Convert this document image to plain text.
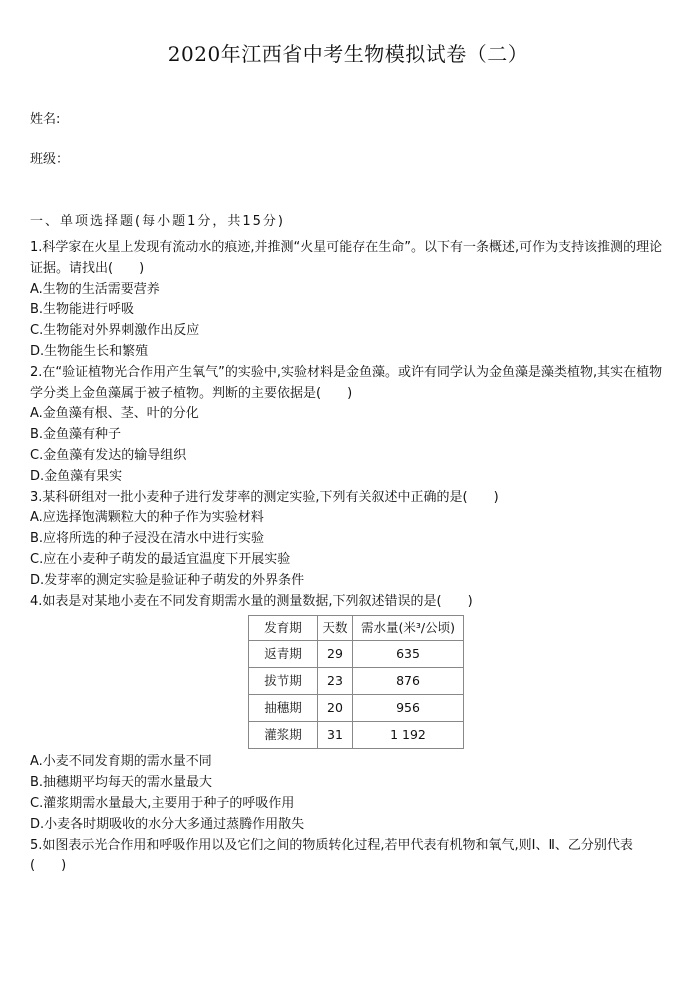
2020年江西省中考生物模拟试卷（二）
姓名:
班级：
一、单项选择题(每小题1分，共15分)
1.科学家在火星上发现有流动水的痕迹,并推测“火星可能存在生命”。以下有一条概述,可作为支持该推测的理论证据。请找出(　　)
A.生物的生活需要营养
B.生物能进行呼吸
C.生物能对外界刺激作出反应
D.生物能生长和繁殖
2.在“验证植物光合作用产生氧气”的实验中,实验材料是金鱼藻。或许有同学认为金鱼藻是藻类植物,其实在植物学分类上金鱼藻属于被子植物。判断的主要依据是(　　)
A.金鱼藻有根、茎、叶的分化
B.金鱼藻有种子
C.金鱼藻有发达的输导组织
D.金鱼藻有果实
3.某科研组对一批小麦种子进行发芽率的测定实验,下列有关叙述中正确的是(　　)
A.应选择饱满颗粒大的种子作为实验材料
B.应将所选的种子浸没在清水中进行实验
C.应在小麦种子萌发的最适宜温度下开展实验
D.发芽率的测定实验是验证种子萌发的外界条件
4.如表是对某地小麦在不同发育期需水量的测量数据,下列叙述错误的是(　　)
发育期	天数	需水量(米³/公顷)
返青期	29	635
拔节期	23	876
抽穗期	20	956
灌浆期	31	1 192
A.小麦不同发育期的需水量不同
B.抽穗期平均每天的需水量最大
C.灌浆期需水量最大,主要用于种子的呼吸作用
D.小麦各时期吸收的水分大多通过蒸腾作用散失
5.如图表示光合作用和呼吸作用以及它们之间的物质转化过程,若甲代表有机物和氧气,则Ⅰ、Ⅱ、乙分别代表(　　)
